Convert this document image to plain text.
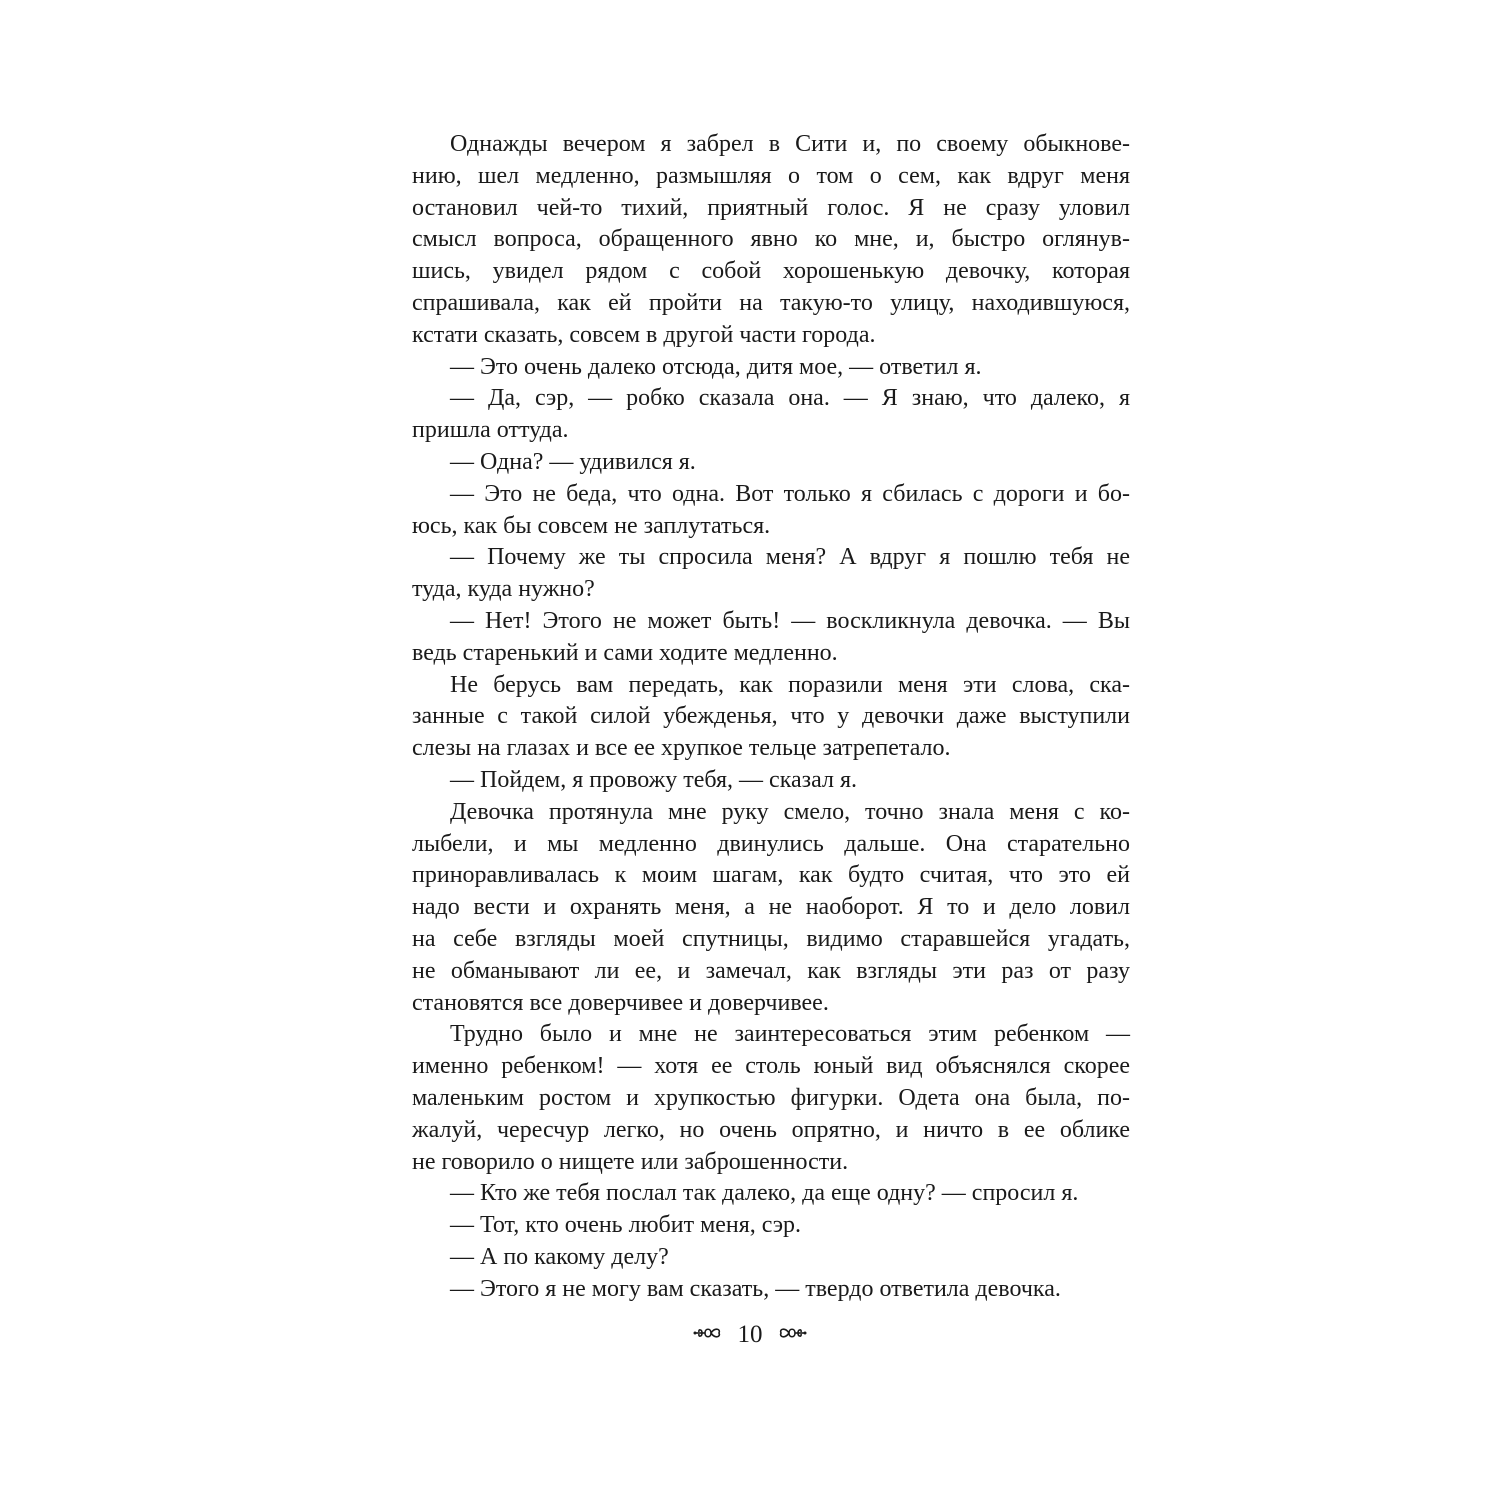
Однажды вечером я забрел в Сити и, по своему обыкнове-
нию, шел медленно, размышляя о том о сем, как вдруг меня
остановил чей-то тихий, приятный голос. Я не сразу уловил
смысл вопроса, обращенного явно ко мне, и, быстро оглянув-
шись, увидел рядом с собой хорошенькую девочку, которая
спрашивала, как ей пройти на такую-то улицу, находившуюся,
кстати сказать, совсем в другой части города.
— Это очень далеко отсюда, дитя мое, — ответил я.
— Да, сэр, — робко сказала она. — Я знаю, что далеко, я
пришла оттуда.
— Одна? — удивился я.
— Это не беда, что одна. Вот только я сбилась с дороги и бо-
юсь, как бы совсем не заплутаться.
— Почему же ты спросила меня? А вдруг я пошлю тебя не
туда, куда нужно?
— Нет! Этого не может быть! — воскликнула девочка. — Вы
ведь старенький и сами ходите медленно.
Не берусь вам передать, как поразили меня эти слова, ска-
занные с такой силой убежденья, что у девочки даже выступили
слезы на глазах и все ее хрупкое тельце затрепетало.
— Пойдем, я провожу тебя, — сказал я.
Девочка протянула мне руку смело, точно знала меня с ко-
лыбели, и мы медленно двинулись дальше. Она старательно
приноравливалась к моим шагам, как будто считая, что это ей
надо вести и охранять меня, а не наоборот. Я то и дело ловил
на себе взгляды моей спутницы, видимо старавшейся угадать,
не обманывают ли ее, и замечал, как взгляды эти раз от разу
становятся все доверчивее и доверчивее.
Трудно было и мне не заинтересоваться этим ребенком —
именно ребенком! — хотя ее столь юный вид объяснялся скорее
маленьким ростом и хрупкостью фигурки. Одета она была, по-
жалуй, чересчур легко, но очень опрятно, и ничто в ее облике
не говорило о нищете или заброшенности.
— Кто же тебя послал так далеко, да еще одну? — спросил я.
— Тот, кто очень любит меня, сэр.
— А по какому делу?
— Этого я не могу вам сказать, — твердо ответила девочка.
10
